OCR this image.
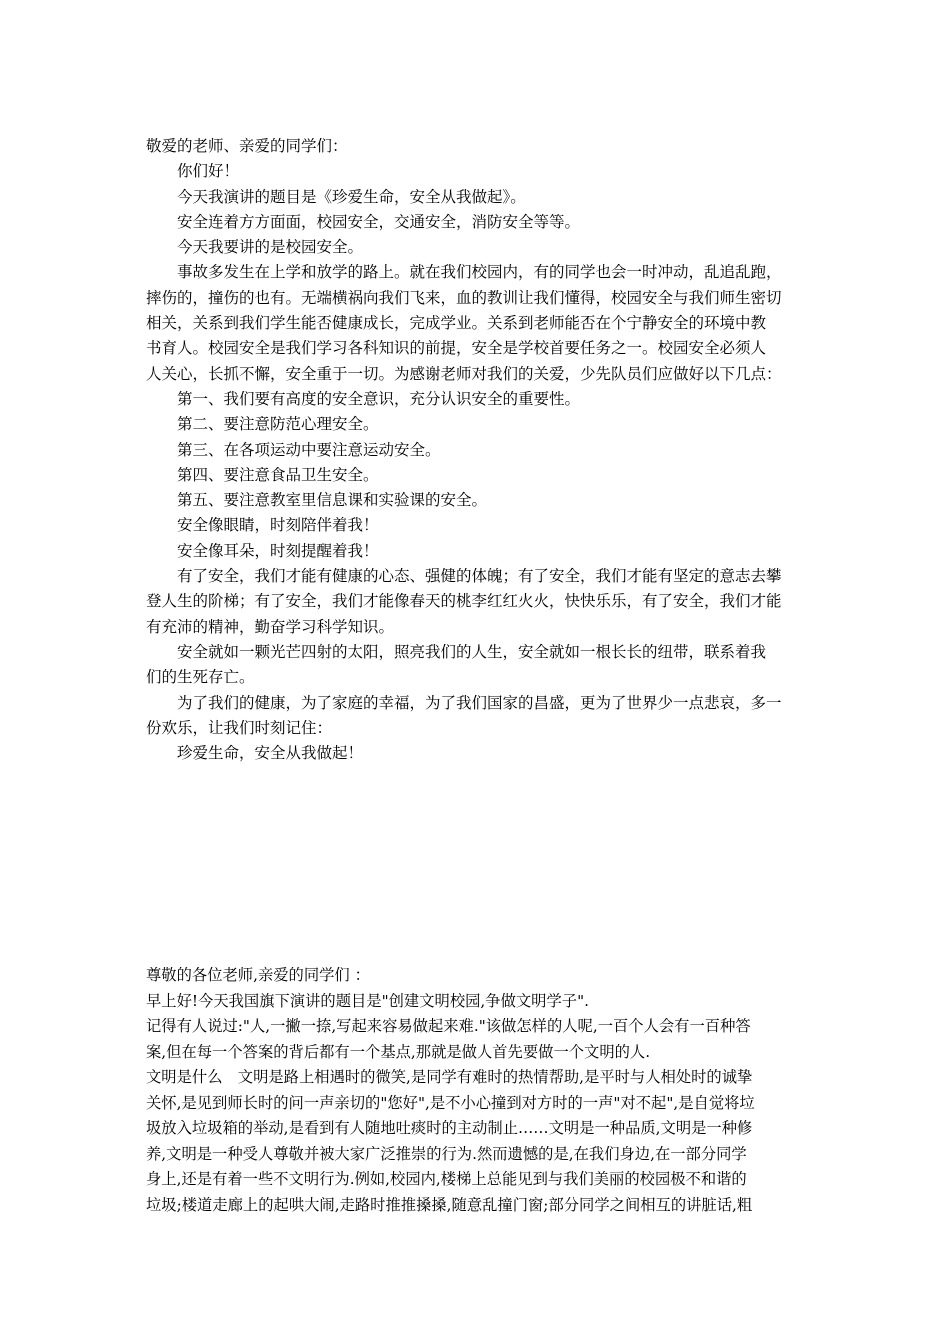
敬爱的老师、亲爱的同学们：
你们好！
今天我演讲的题目是《珍爱生命，安全从我做起》。
安全连着方方面面，校园安全，交通安全，消防安全等等。
今天我要讲的是校园安全。
事故多发生在上学和放学的路上。就在我们校园内，有的同学也会一时冲动，乱追乱跑，
摔伤的，撞伤的也有。无端横祸向我们飞来，血的教训让我们懂得，校园安全与我们师生密切
相关，关系到我们学生能否健康成长，完成学业。关系到老师能否在个宁静安全的环境中教
书育人。校园安全是我们学习各科知识的前提，安全是学校首要任务之一。校园安全必须人
人关心，长抓不懈，安全重于一切。为感谢老师对我们的关爱，少先队员们应做好以下几点：
第一、我们要有高度的安全意识，充分认识安全的重要性。
第二、要注意防范心理安全。
第三、在各项运动中要注意运动安全。
第四、要注意食品卫生安全。
第五、要注意教室里信息课和实验课的安全。
安全像眼睛，时刻陪伴着我！
安全像耳朵，时刻提醒着我！
有了安全，我们才能有健康的心态、强健的体魄；有了安全，我们才能有坚定的意志去攀
登人生的阶梯；有了安全，我们才能像春天的桃李红红火火，快快乐乐，有了安全，我们才能
有充沛的精神，勤奋学习科学知识。
安全就如一颗光芒四射的太阳，照亮我们的人生，安全就如一根长长的纽带，联系着我
们的生死存亡。
为了我们的健康，为了家庭的幸福，为了我们国家的昌盛，更为了世界少一点悲哀，多一
份欢乐，让我们时刻记住：
珍爱生命，安全从我做起！
尊敬的各位老师,亲爱的同学们 ：
早上好!今天我国旗下演讲的题目是"创建文明校园,争做文明学子".
记得有人说过:"人,一撇一捺,写起来容易做起来难."该做怎样的人呢,一百个人会有一百种答
案,但在每一个答案的背后都有一个基点,那就是做人首先要做一个文明的人.
文明是什么　文明是路上相遇时的微笑,是同学有难时的热情帮助,是平时与人相处时的诚挚
关怀,是见到师长时的问一声亲切的"您好",是不小心撞到对方时的一声"对不起",是自觉将垃
圾放入垃圾箱的举动,是看到有人随地吐痰时的主动制止……文明是一种品质,文明是一种修
养,文明是一种受人尊敬并被大家广泛推崇的行为.然而遗憾的是,在我们身边,在一部分同学
身上,还是有着一些不文明行为.例如,校园内,楼梯上总能见到与我们美丽的校园极不和谐的
垃圾;楼道走廊上的起哄大闹,走路时推推搡搡,随意乱撞门窗;部分同学之间相互的讲脏话,粗
